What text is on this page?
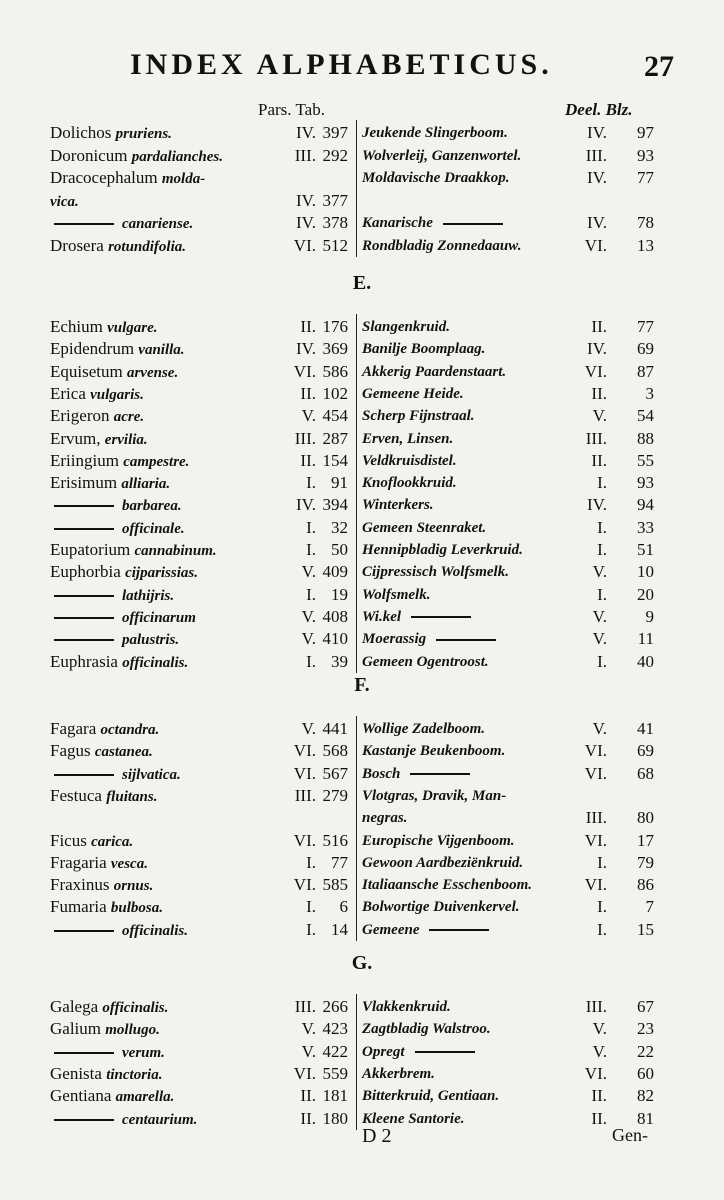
INDEX ALPHABETICUS.	27
Pars. Tab.	Deel. Blz.
Dolichos pruriens.	IV. 397 Jeukende Slingerboom.	IV.	97
Doronicum pardalianches.	III. 292 Wolverleij, Ganzenwortel.	III.	93
Dracocephalum molda-	Moldavische Draakkop.	IV.	77
vica.	IV. 377
canariense.	IV. 378 Kanarische	IV.	78
Drosera rotundifolia.	VI. 512 Rondbladig Zonnedaauw.	VI.	13
E.
Echium vulgare.	II. 176 Slangenkruid.	II.	77
Epidendrum vanilla.	IV. 369 Banilje Boomplaag.	IV.	69
Equisetum arvense.	VI. 586 Akkerig Paardenstaart.	VI.	87
Erica vulgaris.	II. 102 Gemeene Heide.	II.	3
Erigeron acre.	V. 454 Scherp Fijnstraal.	V.	54
Ervum, ervilia.	III. 287 Erven, Linsen.	III.	88
Eriingium campestre.	II. 154 Veldkruisdistel.	II.	55
Erisimum alliaria.	I. 91 Knoflookkruid.	I.	93
barbarea.	IV. 394 Winterkers.	IV.	94
officinale.	I. 32 Gemeen Steenraket.	I.	33
Eupatorium cannabinum.	I. 50 Hennipbladig Leverkruid.	I.	51
Euphorbia cijparissias.	V. 409 Cijpressisch Wolfsmelk.	V.	10
lathijris.	I. 19 Wolfsmelk.	I.	20
officinarum	V. 408 Wi.kel	V.	9
palustris.	V. 410 Moerassig	V.	11
Euphrasia officinalis.	I. 39 Gemeen Ogentroost.	I.	40
F.
Fagara octandra.	V. 441 Wollige Zadelboom.	V.	41
Fagus castanea.	VI. 568 Kastanje Beukenboom.	VI.	69
sijlvatica.	VI. 567 Bosch	VI.	68
Festuca fluitans.	III. 279 Vlotgras, Dravik, Man-
negras.	III.	80
Ficus carica.	VI. 516 Europische Vijgenboom.	VI.	17
Fragaria vesca.	I. 77 Gewoon Aardbeziënkruid.	I.	79
Fraxinus ornus.	VI. 585 Italiaansche Esschenboom.	VI.	86
Fumaria bulbosa.	I.	6 Bolwortige Duivenkervel.	I.	7
officinalis.	I. 14 Gemeene	I.	15
G.
Galega officinalis.	III. 266 Vlakkenkruid.	III.	67
Galium mollugo.	V. 423 Zagtbladig Walstroo.	V.	23
verum.	V. 422 Opregt	V.	22
Genista tinctoria.	VI. 559 Akkerbrem.	VI.	60
Gentiana amarella.	II. 181 Bitterkruid, Gentiaan.	II.	82
centaurium.	II. 180 Kleene Santorie.	II.	81
D 2	Gen-
